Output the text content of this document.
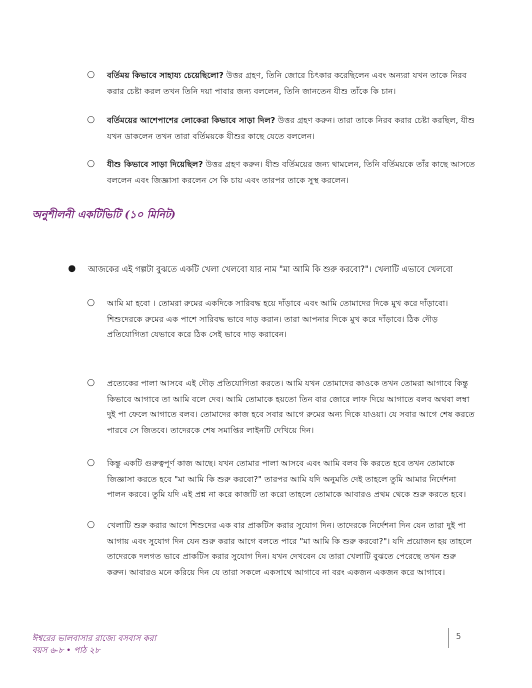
○ বর্তিময় কিভাবে সাহায্য চেয়েছিলো? উত্তর গ্রহণ, তিনি জোরে চিৎকার করেছিলেন এবং অন্যরা যখন তাকে নিরব করার চেষ্টা করল তখন তিনি দয়া পাবার জন্য বললেন, তিনি জানতেন যীশু তাঁকে কি চান।
○ বর্তিময়ের আশেপাশের লোকেরা কিভাবে সাড়া দিল? উত্তর গ্রহণ করুন। তারা তাকে নিরব করার চেষ্টা করছিল, যীশু যখন ডাকলেন তখন তারা বর্তিময়কে যীশুর কাছে যেতে বললেন।
○ যীশু কিভাবে সাড়া দিয়েছিল? উত্তর গ্রহণ করুন। যীশু বর্তিময়ের জন্য থামলেন, তিনি বর্তিময়কে তাঁর কাছে আসতে বললেন এবং জিজ্ঞাসা করলেন সে কি চায় এবং তারপর তাকে সুস্থ করলেন।
অনুশীলনী একটিভিটি (১০ মিনিট)
● আজকের এই গল্পটা বুঝতে একটি খেলা খেলবো যার নাম "মা আমি কি শুরু করবো?"। খেলাটি এভাবে খেলবো
○ আমি মা হবো । তোমরা রুমের একদিকে সারিবদ্ধ হয়ে দাঁড়াবে এবং আমি তোমাদের দিকে মুখ করে দাঁড়াবো। শিশুদেরকে রুমের এক পাশে সারিবদ্ধ ভাবে দাড় করান। তারা আপনার দিকে মুখ করে দাঁড়াবে। ঠিক দৌড় প্রতিযোগিতা যেভাবে করে ঠিক সেই ভাবে দাড় করাবেন।
○ প্রত্যেকের পালা আসবে এই দৌড় প্রতিযোগিতা করতে। আমি যখন তোমাদের কাওকে তখন তোমরা আগাবে কিন্তু কিভাবে আগাবে তা আমি বলে দেব। আমি তোমাকে হয়তো তিন বার জোরে লাফ দিয়ে আগাতে বলব অথবা লম্বা দুই পা ফেলে আগাতে বলব। তোমাদের কাজ হবে সবার আগে রুমের অন্য দিকে যাওয়া। যে সবার আগে শেষ করতে পারবে সে জিতবে। তাদেরকে শেষ সমাপ্তির লাইনটি দেখিয়ে দিন।
○ কিন্তু একটি গুরুত্বপূর্ণ কাজ আছে। যখন তোমার পালা আসবে এবং আমি বলব কি করতে হবে তখন তোমাকে জিজ্ঞাসা করতে হবে "মা আমি কি শুরু করবো?" তারপর আমি যদি অনুমতি দেই তাহলে তুমি আমার নির্দেশনা পালন করবে। তুমি যদি এই প্রশ্ন না করে কাজটি তা করো তাহলে তোমাকে আবারও প্রথম থেকে শুরু করতে হবে।
○ খেলাটি শুরু করার আগে শিশুদের এক বার প্রাকটিস করার সুযোগ দিন। তাদেরকে নির্দেশনা দিন যেন তারা দুই পা আগায় এবং সুযোগ দিন যেন শুরু করার আগে বলতে পারে "মা আমি কি শুরু করবো?"। যদি প্রয়োজন হয় তাহলে তাদেরকে দলগত ভাবে প্রাকটিস করার সুযোগ দিন। যখন দেখবেন যে তারা খেলাটি বুঝতে পেরেছে তখন শুরু করুন। আবারও মনে করিয়ে দিন যে তারা সকলে একসাথে আগাবে না বরং একজন একজন করে আগাবে।
ঈশ্বরের ভালবাসার রাজ্যে বসবাস করা
বয়স ৬-৮ • পাঠ ২৮
5
